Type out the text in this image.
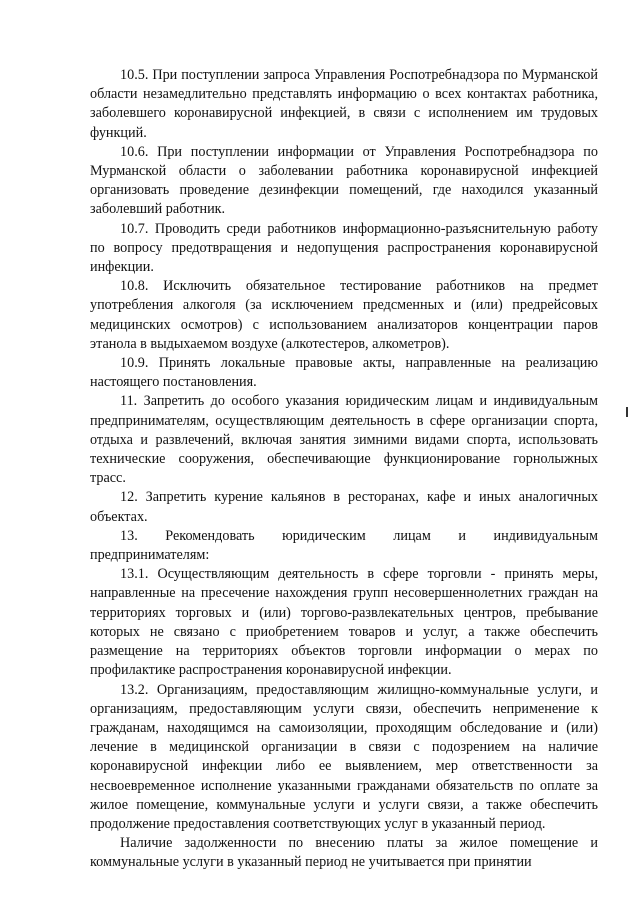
10.5. При поступлении запроса Управления Роспотребнадзора по Мурманской области незамедлительно представлять информацию о всех контактах работника, заболевшего коронавирусной инфекцией, в связи с исполнением им трудовых функций.

10.6. При поступлении информации от Управления Роспотребнадзора по Мурманской области о заболевании работника коронавирусной инфекцией организовать проведение дезинфекции помещений, где находился указанный заболевший работник.

10.7. Проводить среди работников информационно-разъяснительную работу по вопросу предотвращения и недопущения распространения коронавирусной инфекции.

10.8. Исключить обязательное тестирование работников на предмет употребления алкоголя (за исключением предсменных и (или) предрейсовых медицинских осмотров) с использованием анализаторов концентрации паров этанола в выдыхаемом воздухе (алкотестеров, алкометров).

10.9. Принять локальные правовые акты, направленные на реализацию настоящего постановления.

11. Запретить до особого указания юридическим лицам и индивидуальным предпринимателям, осуществляющим деятельность в сфере организации спорта, отдыха и развлечений, включая занятия зимними видами спорта, использовать технические сооружения, обеспечивающие функционирование горнолыжных трасс.

12. Запретить курение кальянов в ресторанах, кафе и иных аналогичных объектах.

13. Рекомендовать юридическим лицам и индивидуальным предпринимателям:

13.1. Осуществляющим деятельность в сфере торговли - принять меры, направленные на пресечение нахождения групп несовершеннолетних граждан на территориях торговых и (или) торгово-развлекательных центров, пребывание которых не связано с приобретением товаров и услуг, а также обеспечить размещение на территориях объектов торговли информации о мерах по профилактике распространения коронавирусной инфекции.

13.2. Организациям, предоставляющим жилищно-коммунальные услуги, и организациям, предоставляющим услуги связи, обеспечить неприменение к гражданам, находящимся на самоизоляции, проходящим обследование и (или) лечение в медицинской организации в связи с подозрением на наличие коронавирусной инфекции либо ее выявлением, мер ответственности за несвоевременное исполнение указанными гражданами обязательств по оплате за жилое помещение, коммунальные услуги и услуги связи, а также обеспечить продолжение предоставления соответствующих услуг в указанный период.

Наличие задолженности по внесению платы за жилое помещение и коммунальные услуги в указанный период не учитывается при принятии
